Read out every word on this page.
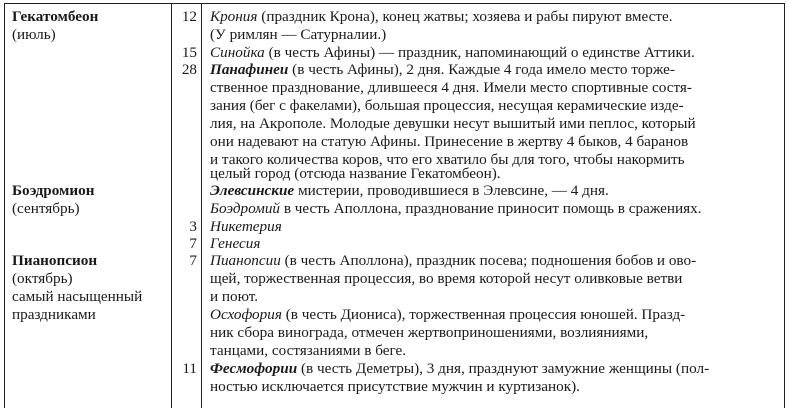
Гекатомбеон
(июль)
Боэдромион
(сентябрь)
Пианопсион
(октябрь)
самый насыщенный
праздниками
12 Крония (праздник Крона), конец жатвы; хозяева и рабы пируют вместе.
(У римлян — Сатурналии.)
15 Синойка (в честь Афины) — праздник, напоминающий о единстве Аттики.
28 Панафинеи (в честь Афины), 2 дня. Каждые 4 года имело место торже-
ственное празднование, длившееся 4 дня. Имели место спортивные состя-
зания (бег с факелами), большая процессия, несущая керамические изде-
лия, на Акрополе. Молодые девушки несут вышитый ими пеплос, который
они надевают на статую Афины. Принесение в жертву 4 быков, 4 баранов
и такого количества коров, что его хватило бы для того, чтобы накормить
целый город (отсюда название Гекатомбеон).
Элевсинские мистерии, проводившиеся в Элевсине, — 4 дня.
Боэдромий в честь Аполлона, празднование приносит помощь в сражениях.
3 Никетерия
7 Генесия
7 Пианопсии (в честь Аполлона), праздник посева; подношения бобов и ово-
щей, торжественная процессия, во время которой несут оливковые ветви
и поют.
Осхофория (в честь Диониса), торжественная процессия юношей. Празд-
ник сбора винограда, отмечен жертвоприношениями, возлияниями,
танцами, состязаниями в беге.
11 Фесмофории (в честь Деметры), 3 дня, празднуют замужние женщины (пол-
ностью исключается присутствие мужчин и куртизанок).
